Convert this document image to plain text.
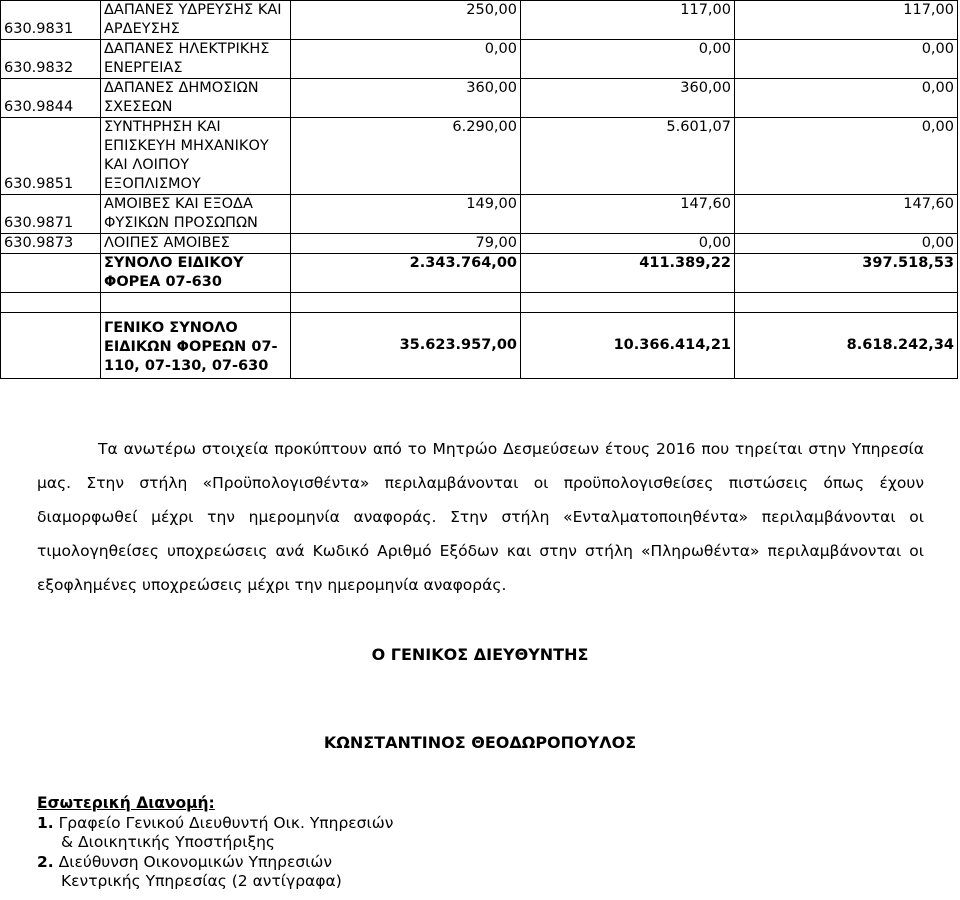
630.9831	ΔΑΠΑΝΕΣ ΥΔΡΕΥΣΗΣ ΚΑΙ ΑΡΔΕΥΣΗΣ	250,00	117,00	117,00
630.9832	ΔΑΠΑΝΕΣ ΗΛΕΚΤΡΙΚΗΣ ΕΝΕΡΓΕΙΑΣ	0,00	0,00	0,00
630.9844	ΔΑΠΑΝΕΣ ΔΗΜΟΣΙΩΝ ΣΧΕΣΕΩΝ	360,00	360,00	0,00
630.9851	ΣΥΝΤΗΡΗΣΗ ΚΑΙ ΕΠΙΣΚΕΥΗ ΜΗΧΑΝΙΚΟΥ ΚΑΙ ΛΟΙΠΟΥ ΕΞΟΠΛΙΣΜΟΥ	6.290,00	5.601,07	0,00
630.9871	ΑΜΟΙΒΕΣ ΚΑΙ ΕΞΟΔΑ ΦΥΣΙΚΩΝ ΠΡΟΣΩΠΩΝ	149,00	147,60	147,60
630.9873	ΛΟΙΠΕΣ ΑΜΟΙΒΕΣ	79,00	0,00	0,00
	ΣΥΝΟΛΟ ΕΙΔΙΚΟΥ ΦΟΡΕΑ 07-630	2.343.764,00	411.389,22	397.518,53

	ΓΕΝΙΚΟ ΣΥΝΟΛΟ ΕΙΔΙΚΩΝ ΦΟΡΕΩΝ 07-110, 07-130, 07-630	35.623.957,00	10.366.414,21	8.618.242,34

Τα ανωτέρω στοιχεία προκύπτουν από το Μητρώο Δεσμεύσεων έτους 2016 που τηρείται στην Υπηρεσία μας. Στην στήλη «Προϋπολογισθέντα» περιλαμβάνονται οι προϋπολογισθείσες πιστώσεις όπως έχουν διαμορφωθεί μέχρι την ημερομηνία αναφοράς. Στην στήλη «Ενταλματοποιηθέντα» περιλαμβάνονται οι τιμολογηθείσες υποχρεώσεις ανά Κωδικό Αριθμό Εξόδων και στην στήλη «Πληρωθέντα» περιλαμβάνονται οι εξοφλημένες υποχρεώσεις μέχρι την ημερομηνία αναφοράς.

Ο ΓΕΝΙΚΟΣ ΔΙΕΥΘΥΝΤΗΣ

ΚΩΝΣΤΑΝΤΙΝΟΣ ΘΕΟΔΩΡΟΠΟΥΛΟΣ

Εσωτερική Διανομή:
1. Γραφείο Γενικού Διευθυντή Οικ. Υπηρεσιών
& Διοικητικής Υποστήριξης
2. Διεύθυνση Οικονομικών Υπηρεσιών
Κεντρικής Υπηρεσίας (2 αντίγραφα)
